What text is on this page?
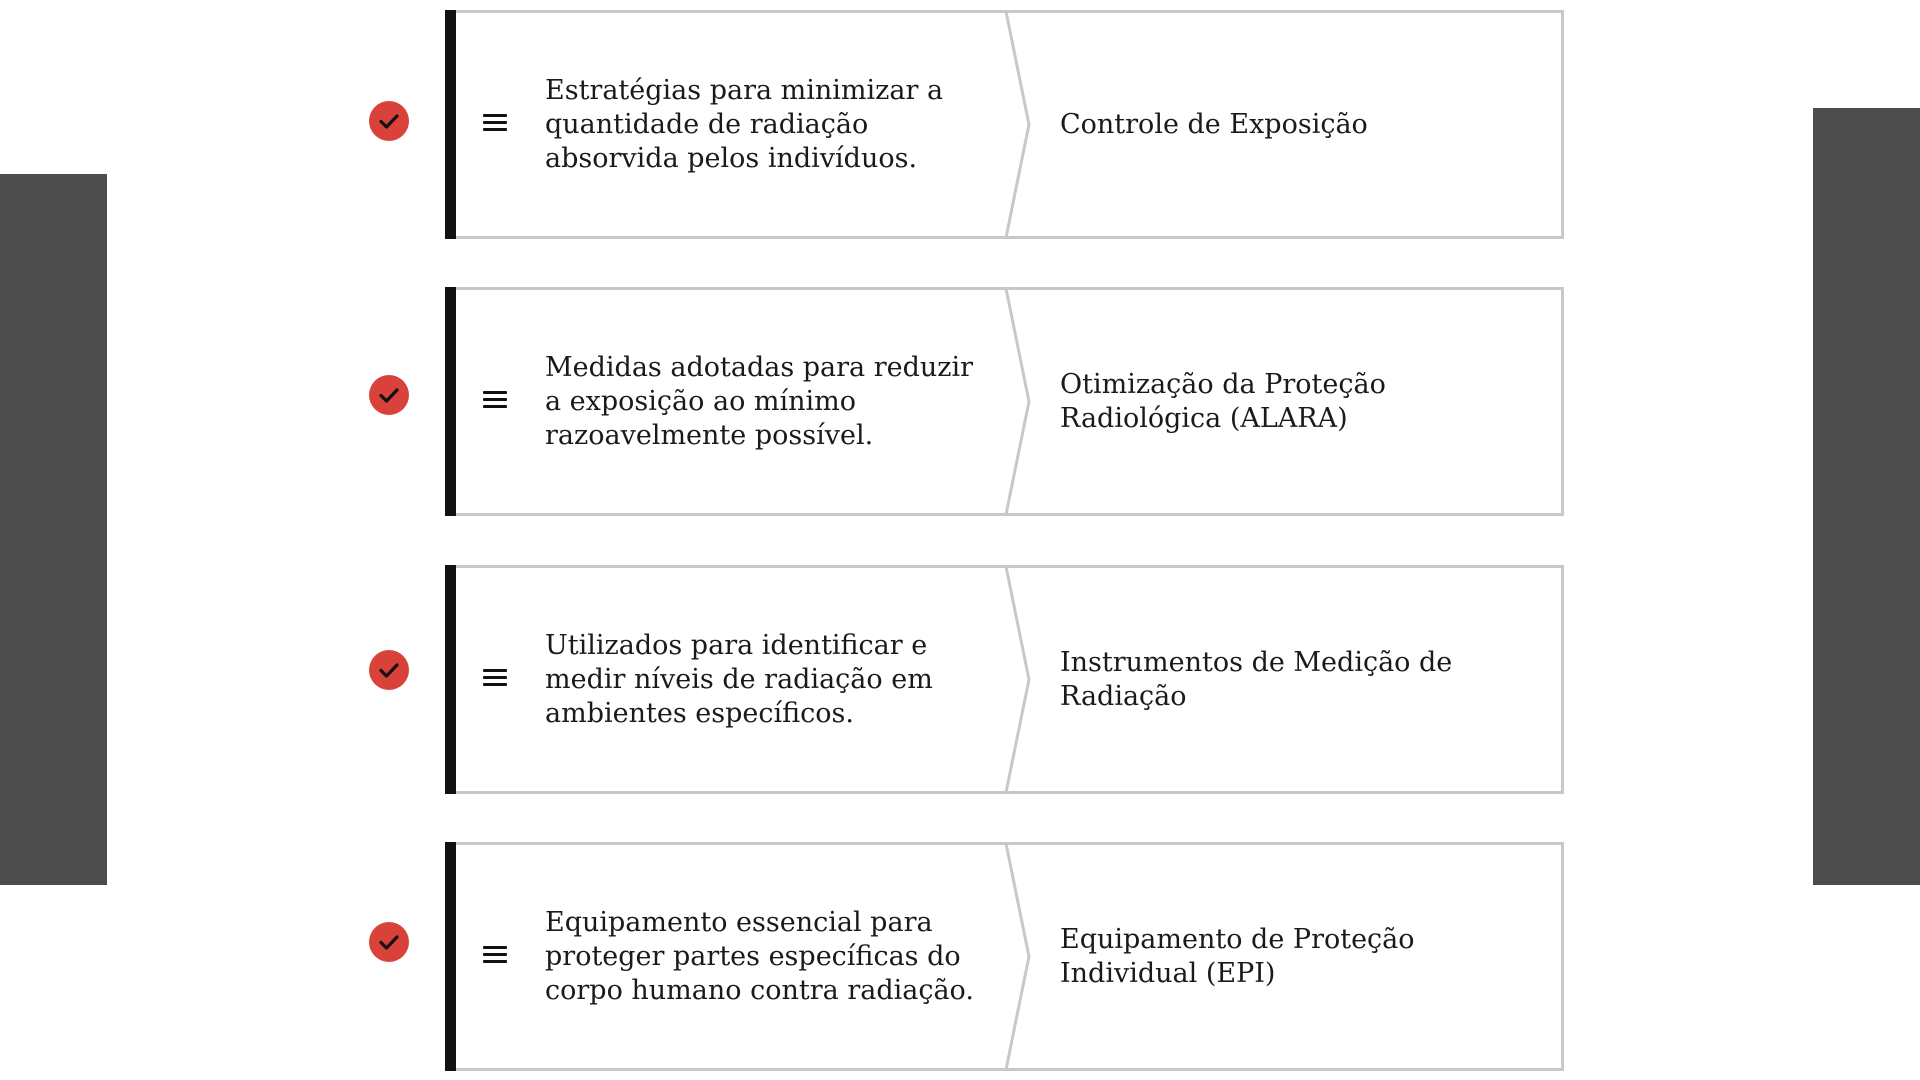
Estratégias para minimizar a quantidade de radiação absorvida pelos indivíduos.
Controle de Exposição
Medidas adotadas para reduzir a exposição ao mínimo razoavelmente possível.
Otimização da Proteção Radiológica (ALARA)
Utilizados para identificar e medir níveis de radiação em ambientes específicos.
Instrumentos de Medição de Radiação
Equipamento essencial para proteger partes específicas do corpo humano contra radiação.
Equipamento de Proteção Individual (EPI)
